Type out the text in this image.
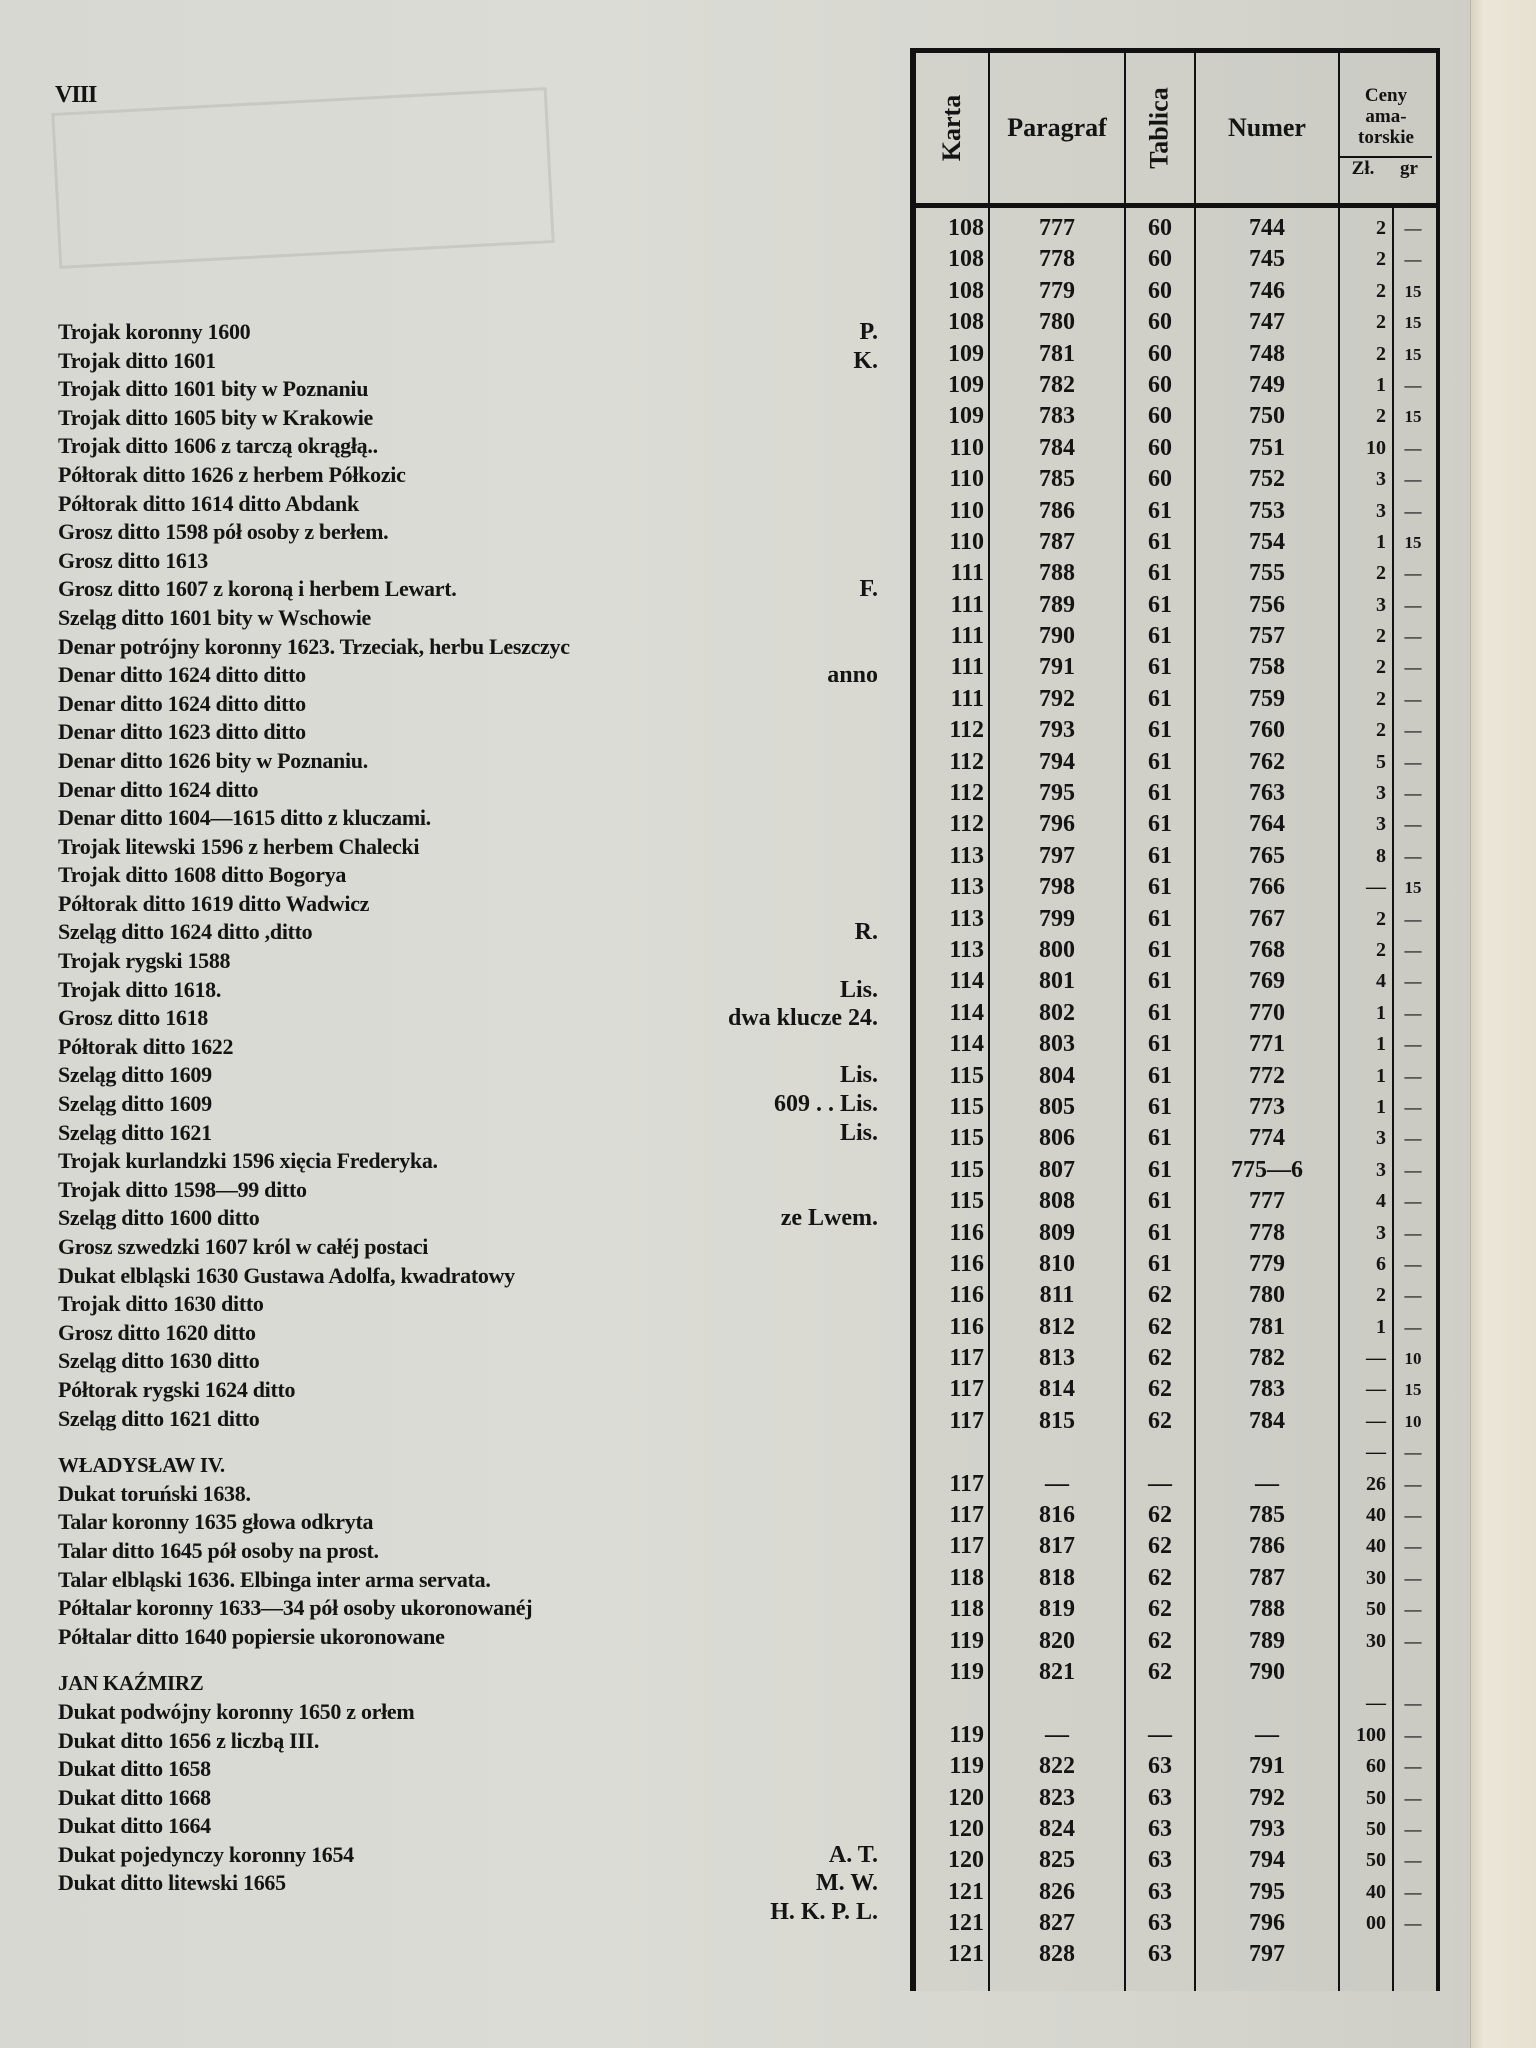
VIII
Trojak koronny 1600	P.
Trojak ditto 1601	K.
Trojak ditto 1601 bity w Poznaniu
Trojak ditto 1605 bity w Krakowie
Trojak ditto 1606 z tarczą okrągłą..
Półtorak ditto 1626 z herbem Półkozic
Półtorak ditto 1614 ditto Abdank
Grosz ditto 1598 pół osoby z berłem.
Grosz ditto 1613
Grosz ditto 1607 z koroną i herbem Lewart.	F.
Szeląg ditto 1601 bity w Wschowie
Denar potrójny koronny 1623. Trzeciak, herbu Leszczyc
Denar ditto 1624 ditto ditto	anno
Denar ditto 1624 ditto ditto
Denar ditto 1623 ditto ditto
Denar ditto 1626 bity w Poznaniu.
Denar ditto 1624 ditto
Denar ditto 1604—1615 ditto z kluczami.
Trojak litewski 1596 z herbem Chalecki
Trojak ditto 1608 ditto Bogorya
Półtorak ditto 1619 ditto Wadwicz
Szeląg ditto 1624 ditto ,ditto	R.
Trojak rygski 1588
Trojak ditto 1618.	Lis.
Grosz ditto 1618	dwa klucze 24.
Półtorak ditto 1622
Szeląg ditto 1609	Lis.
Szeląg ditto 1609	609 . . Lis.
Szeląg ditto 1621	Lis.
Trojak kurlandzki 1596 xięcia Frederyka.
Trojak ditto 1598—99 ditto
Szeląg ditto 1600 ditto	ze Lwem.
Grosz szwedzki 1607 król w całéj postaci
Dukat elbląski 1630 Gustawa Adolfa, kwadratowy
Trojak ditto 1630 ditto
Grosz ditto 1620 ditto
Szeląg ditto 1630 ditto
Półtorak rygski 1624 ditto
Szeląg ditto 1621 ditto
WŁADYSŁAW IV.
Dukat toruński 1638.
Talar koronny 1635 głowa odkryta
Talar ditto 1645 pół osoby na prost.
Talar elbląski 1636. Elbinga inter arma servata.
Półtalar koronny 1633—34 pół osoby ukoronowanéj
Półtalar ditto 1640 popiersie ukoronowane
JAN KAŹMIRZ
Dukat podwójny koronny 1650 z orłem
Dukat ditto 1656 z liczbą III.
Dukat ditto 1658
Dukat ditto 1668
Dukat ditto 1664
Dukat pojedynczy koronny 1654	A. T.
Dukat ditto litewski 1665	M. W.
H. K. P. L.
Karta	Paragraf	Tablica	Numer
Ceny
ama-
torskie
Zł.	gr
108	777	60	744	2	—
108	778	60	745	2	—
108	779	60	746	2	15
108	780	60	747	2	15
109	781	60	748	2	15
109	782	60	749	1	—
109	783	60	750	2	15
110	784	60	751	10	—
110	785	60	752	3	—
110	786	61	753	3	—
110	787	61	754	1	15
111	788	61	755	2	—
111	789	61	756	3	—
111	790	61	757	2	—
111	791	61	758	2	—
111	792	61	759	2	—
112	793	61	760	2	—
112	794	61	762	5	—
112	795	61	763	3	—
112	796	61	764	3	—
113	797	61	765	8	—
113	798	61	766	—	15
113	799	61	767	2	—
113	800	61	768	2	—
114	801	61	769	4	—
114	802	61	770	1	—
114	803	61	771	1	—
115	804	61	772	1	—
115	805	61	773	1	—
115	806	61	774	3	—
115	807	61	775—6	3	—
115	808	61	777	4	—
116	809	61	778	3	—
116	810	61	779	6	—
116	811	62	780	2	—
116	812	62	781	1	—
117	813	62	782	—	10
117	814	62	783	—	15
117	815	62	784	—	10
—	—
117	—	—	—	26	—
117	816	62	785	40	—
117	817	62	786	40	—
118	818	62	787	30	—
118	819	62	788	50	—
119	820	62	789	30	—
119	821	62	790
—	—
119	—	—	—	100	—
119	822	63	791	60	—
120	823	63	792	50	—
120	824	63	793	50	—
120	825	63	794	50	—
121	826	63	795	40	—
121	827	63	796	00	—
121	828	63	797
